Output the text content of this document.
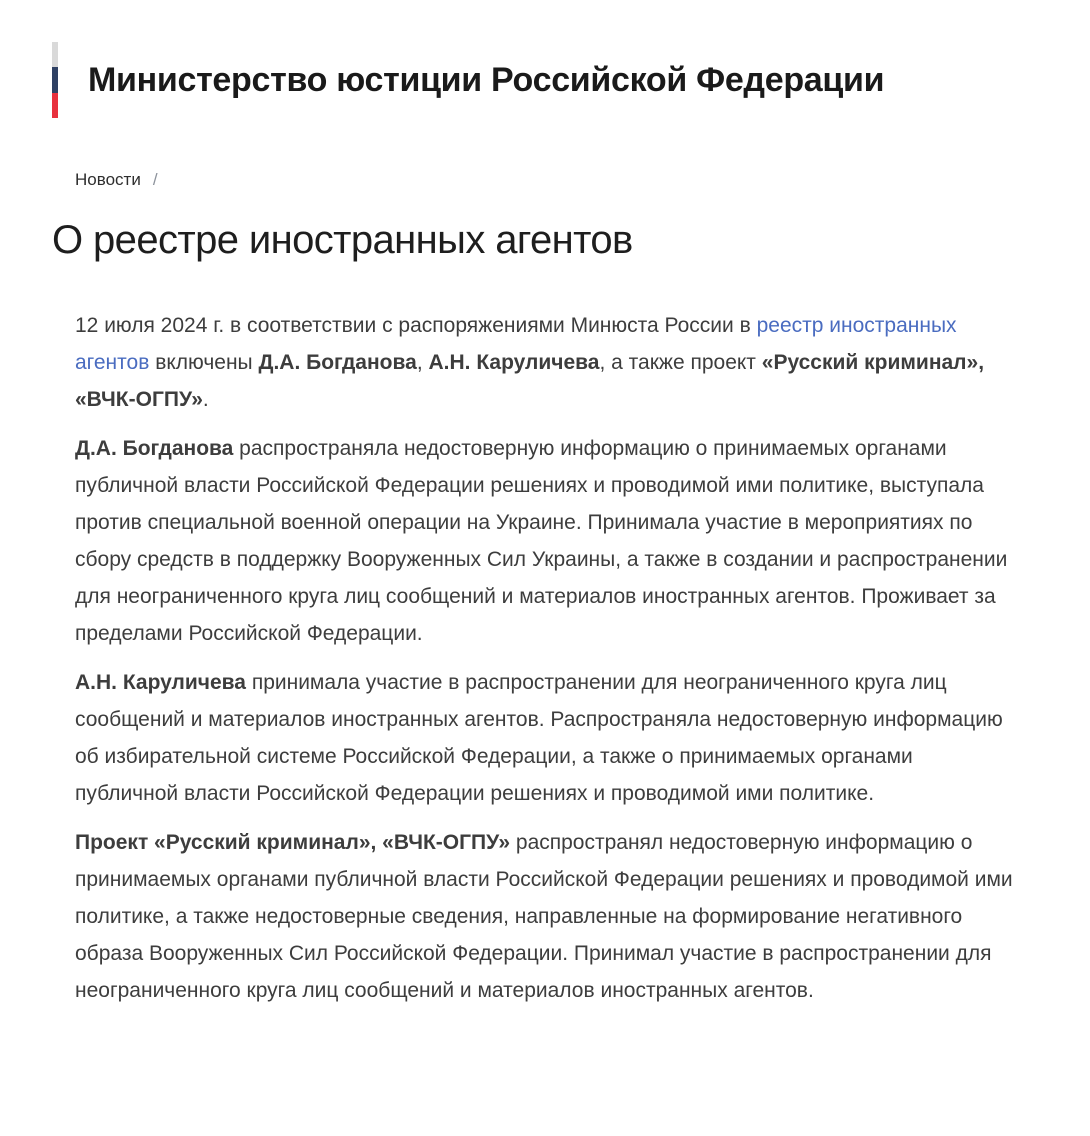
Министерство юстиции Российской Федерации
Новости /
О реестре иностранных агентов

12 июля 2024 г. в соответствии с распоряжениями Минюста России в реестр иностранных агентов включены Д.А. Богданова, А.Н. Каруличева, а также проект «Русский криминал», «ВЧК-ОГПУ».

Д.А. Богданова распространяла недостоверную информацию о принимаемых органами публичной власти Российской Федерации решениях и проводимой ими политике, выступала против специальной военной операции на Украине. Принимала участие в мероприятиях по сбору средств в поддержку Вооруженных Сил Украины, а также в создании и распространении для неограниченного круга лиц сообщений и материалов иностранных агентов. Проживает за пределами Российской Федерации.

А.Н. Каруличева принимала участие в распространении для неограниченного круга лиц сообщений и материалов иностранных агентов. Распространяла недостоверную информацию об избирательной системе Российской Федерации, а также о принимаемых органами публичной власти Российской Федерации решениях и проводимой ими политике.

Проект «Русский криминал», «ВЧК-ОГПУ» распространял недостоверную информацию о принимаемых органами публичной власти Российской Федерации решениях и проводимой ими политике, а также недостоверные сведения, направленные на формирование негативного образа Вооруженных Сил Российской Федерации. Принимал участие в распространении для неограниченного круга лиц сообщений и материалов иностранных агентов.
